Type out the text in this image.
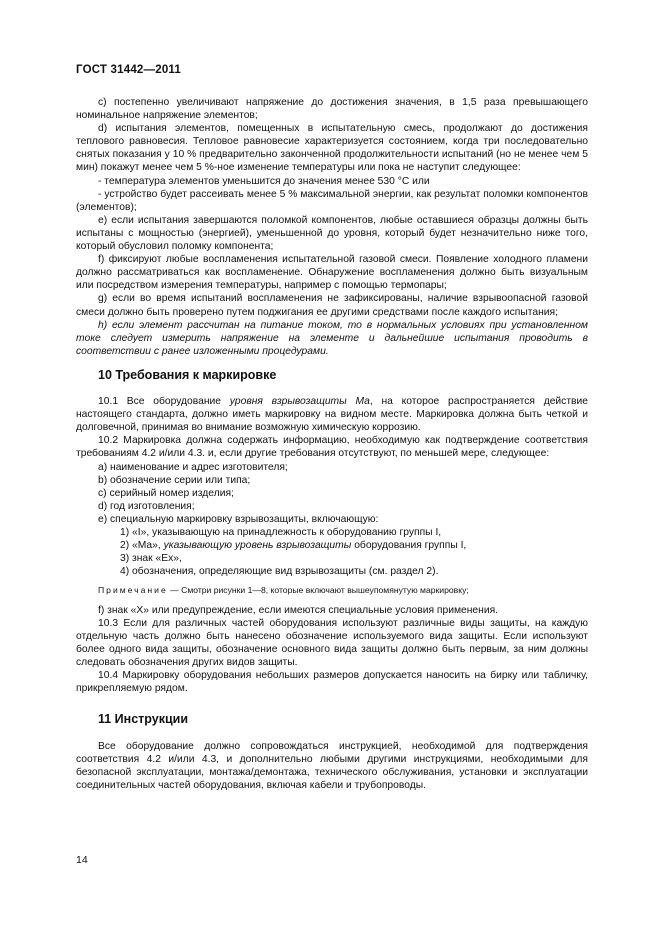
ГОСТ 31442—2011

c) постепенно увеличивают напряжение до достижения значения, в 1,5 раза превышающего номинальное напряжение элементов;

d) испытания элементов, помещенных в испытательную смесь, продолжают до достижения теплового равновесия. Тепловое равновесие характеризуется состоянием, когда три последовательно снятых показания у 10 % предварительно законченной продолжительности испытаний (но не менее чем 5 мин) покажут менее чем 5 %-ное изменение температуры или пока не наступит следующее:

- температура элементов уменьшится до значения менее 530 °С или

- устройство будет рассеивать менее 5 % максимальной энергии, как результат поломки компонентов (элементов);

e) если испытания завершаются поломкой компонентов, любые оставшиеся образцы должны быть испытаны с мощностью (энергией), уменьшенной до уровня, который будет незначительно ниже того, который обусловил поломку компонента;

f) фиксируют любые воспламенения испытательной газовой смеси. Появление холодного пламени должно рассматриваться как воспламенение. Обнаружение воспламенения должно быть визуальным или посредством измерения температуры, например с помощью термопары;

g) если во время испытаний воспламенения не зафиксированы, наличие взрывоопасной газовой смеси должно быть проверено путем поджигания ее другими средствами после каждого испытания;

h) если элемент рассчитан на питание током, то в нормальных условиях при установленном токе следует измерить напряжение на элементе и дальнейшие испытания проводить в соответствии с ранее изложенными процедурами.

10 Требования к маркировке

10.1 Все оборудование уровня взрывозащиты Ма, на которое распространяется действие настоящего стандарта, должно иметь маркировку на видном месте. Маркировка должна быть четкой и долговечной, принимая во внимание возможную химическую коррозию.

10.2 Маркировка должна содержать информацию, необходимую как подтверждение соответствия требованиям 4.2 и/или 4.3. и, если другие требования отсутствуют, по меньшей мере, следующее:

a) наименование и адрес изготовителя;

b) обозначение серии или типа;

c) серийный номер изделия;

d) год изготовления;

e) специальную маркировку взрывозащиты, включающую:

1) «I», указывающую на принадлежность к оборудованию группы I,

2) «Ма», указывающую уровень взрывозащиты оборудования группы I,

3) знак «Ех»,

4) обозначения, определяющие вид взрывозащиты (см. раздел 2).

Примечание — Смотри рисунки 1—8, которые включают вышеупомянутую маркировку;

f) знак «X» или предупреждение, если имеются специальные условия применения.

10.3 Если для различных частей оборудования используют различные виды защиты, на каждую отдельную часть должно быть нанесено обозначение используемого вида защиты. Если используют более одного вида защиты, обозначение основного вида защиты должно быть первым, за ним должны следовать обозначения других видов защиты.

10.4 Маркировку оборудования небольших размеров допускается наносить на бирку или табличку, прикрепляемую рядом.

11 Инструкции

Все оборудование должно сопровождаться инструкцией, необходимой для подтверждения соответствия 4.2 и/или 4.3, и дополнительно любыми другими инструкциями, необходимыми для безопасной эксплуатации, монтажа/демонтажа, технического обслуживания, установки и эксплуатации соединительных частей оборудования, включая кабели и трубопроводы.

14
